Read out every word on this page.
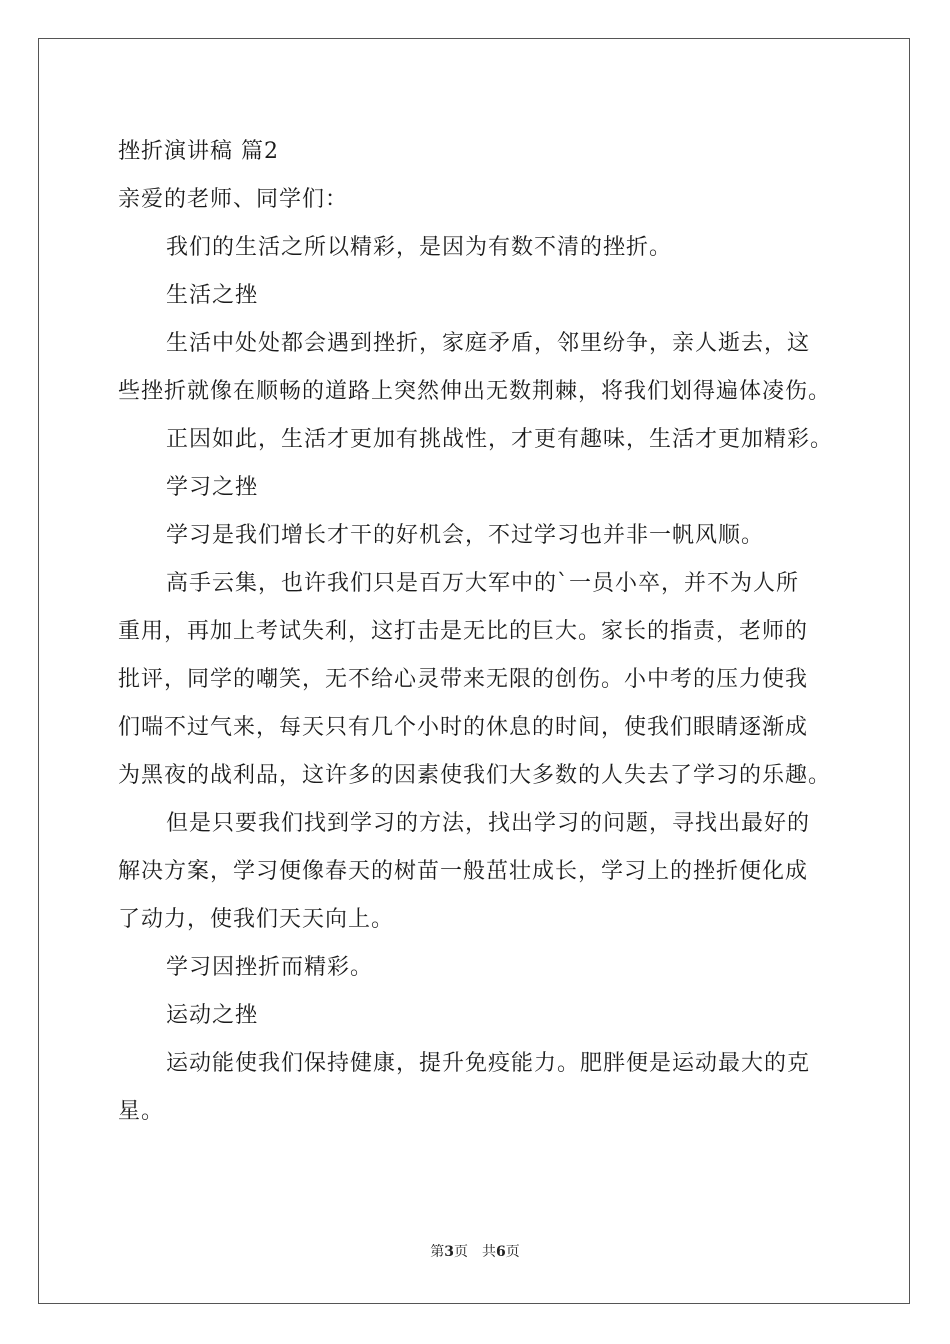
挫折演讲稿 篇2
亲爱的老师、同学们：
我们的生活之所以精彩，是因为有数不清的挫折。
生活之挫
生活中处处都会遇到挫折，家庭矛盾，邻里纷争，亲人逝去，这
些挫折就像在顺畅的道路上突然伸出无数荆棘，将我们划得遍体凌伤。
正因如此，生活才更加有挑战性，才更有趣味，生活才更加精彩。
学习之挫
学习是我们增长才干的好机会，不过学习也并非一帆风顺。
高手云集，也许我们只是百万大军中的`一员小卒，并不为人所
重用，再加上考试失利，这打击是无比的巨大。家长的指责，老师的
批评，同学的嘲笑，无不给心灵带来无限的创伤。小中考的压力使我
们喘不过气来，每天只有几个小时的休息的时间，使我们眼睛逐渐成
为黑夜的战利品，这许多的因素使我们大多数的人失去了学习的乐趣。
但是只要我们找到学习的方法，找出学习的问题，寻找出最好的
解决方案，学习便像春天的树苗一般茁壮成长，学习上的挫折便化成
了动力，使我们天天向上。
学习因挫折而精彩。
运动之挫
运动能使我们保持健康，提升免疫能力。肥胖便是运动最大的克
星。
第3页 共6页
